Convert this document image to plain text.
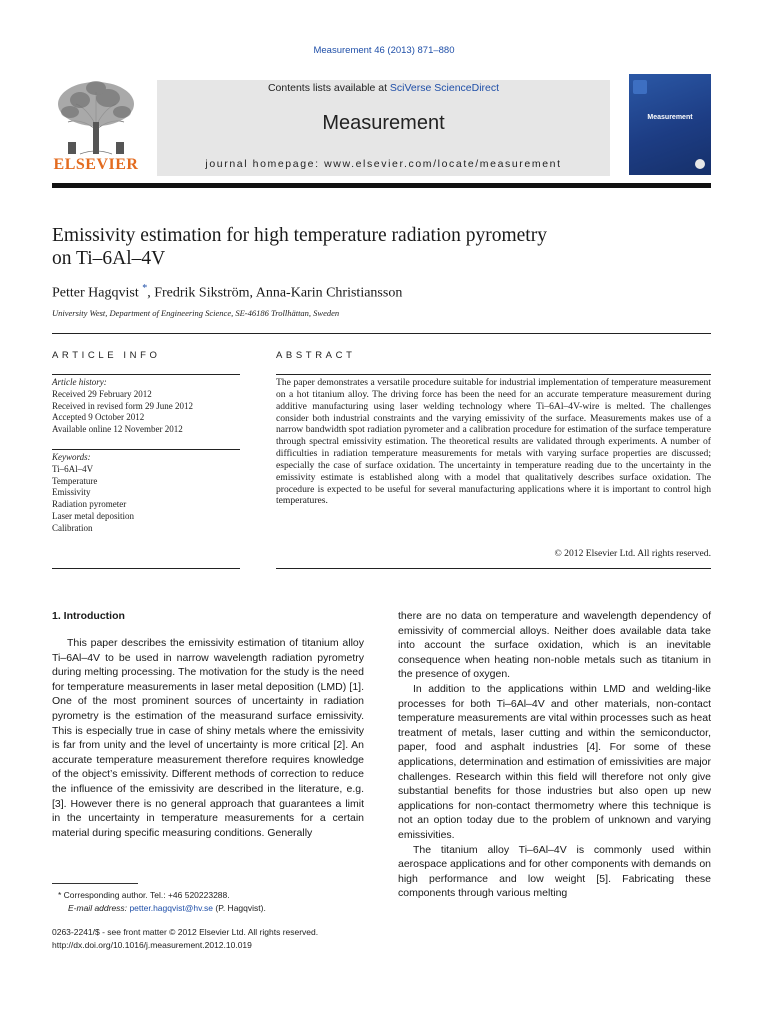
Measurement 46 (2013) 871–880
ELSEVIER
Contents lists available at SciVerse ScienceDirect
Measurement
journal homepage: www.elsevier.com/locate/measurement
Measurement
Emissivity estimation for high temperature radiation pyrometry
on Ti–6Al–4V
Petter Hagqvist *, Fredrik Sikström, Anna-Karin Christiansson
University West, Department of Engineering Science, SE-46186 Trollhättan, Sweden
ARTICLE INFO
Article history:
Received 29 February 2012
Received in revised form 29 June 2012
Accepted 9 October 2012
Available online 12 November 2012
Keywords:
Ti–6Al–4V
Temperature
Emissivity
Radiation pyrometer
Laser metal deposition
Calibration
ABSTRACT
The paper demonstrates a versatile procedure suitable for industrial implementation of temperature measurement on a hot titanium alloy. The driving force has been the need for an accurate temperature measurement during additive manufacturing using laser welding technology where Ti–6Al–4V-wire is melted. The challenges consider both industrial constraints and the varying emissivity of the surface. Measurements makes use of a narrow bandwidth spot radiation pyrometer and a calibration procedure for estimation of the surface temperature through spectral emissivity estimation. The theoretical results are validated through experiments. A number of difficulties in radiation temperature measurements for metals with varying surface properties are discussed; especially the case of surface oxidation. The uncertainty in temperature reading due to the uncertainty in the emissivity estimate is established along with a model that qualitatively describes surface oxidation. The procedure is expected to be useful for several manufacturing applications where it is important to control high temperatures.
© 2012 Elsevier Ltd. All rights reserved.
1. Introduction

This paper describes the emissivity estimation of titanium alloy Ti–6Al–4V to be used in narrow wavelength radiation pyrometry during melting processing. The motivation for the study is the need for temperature measurements in laser metal deposition (LMD) [1]. One of the most prominent sources of uncertainty in radiation pyrometry is the estimation of the measurand surface emissivity. This is especially true in case of shiny metals where the emissivity is far from unity and the level of uncertainty is more critical [2]. An accurate temperature measurement therefore requires knowledge of the object’s emissivity. Different methods of correction to reduce the influence of the emissivity are described in the literature, e.g. [3]. However there is no general approach that guarantees a limit in the uncertainty in temperature measurements for a certain material during specific measuring conditions. Generally

there are no data on temperature and wavelength dependency of emissivity of commercial alloys. Neither does available data take into account the surface oxidation, which is an inevitable consequence when heating non-noble metals such as titanium in the presence of oxygen.

In addition to the applications within LMD and welding-like processes for both Ti–6Al–4V and other materials, non-contact temperature measurements are vital within processes such as heat treatment of metals, laser cutting and within the semiconductor, paper, food and asphalt industries [4]. For some of these applications, determination and estimation of emissivities are major challenges. Research within this field will therefore not only give substantial benefits for those industries but also open up new applications for non-contact thermometry where this technique is not an option today due to the problem of unknown and varying emissivities.

The titanium alloy Ti–6Al–4V is commonly used within aerospace applications and for other components with demands on high performance and low weight [5]. Fabricating these components through various melting

* Corresponding author. Tel.: +46 520223288.
E-mail address: petter.hagqvist@hv.se (P. Hagqvist).
0263-2241/$ - see front matter © 2012 Elsevier Ltd. All rights reserved.
http://dx.doi.org/10.1016/j.measurement.2012.10.019
